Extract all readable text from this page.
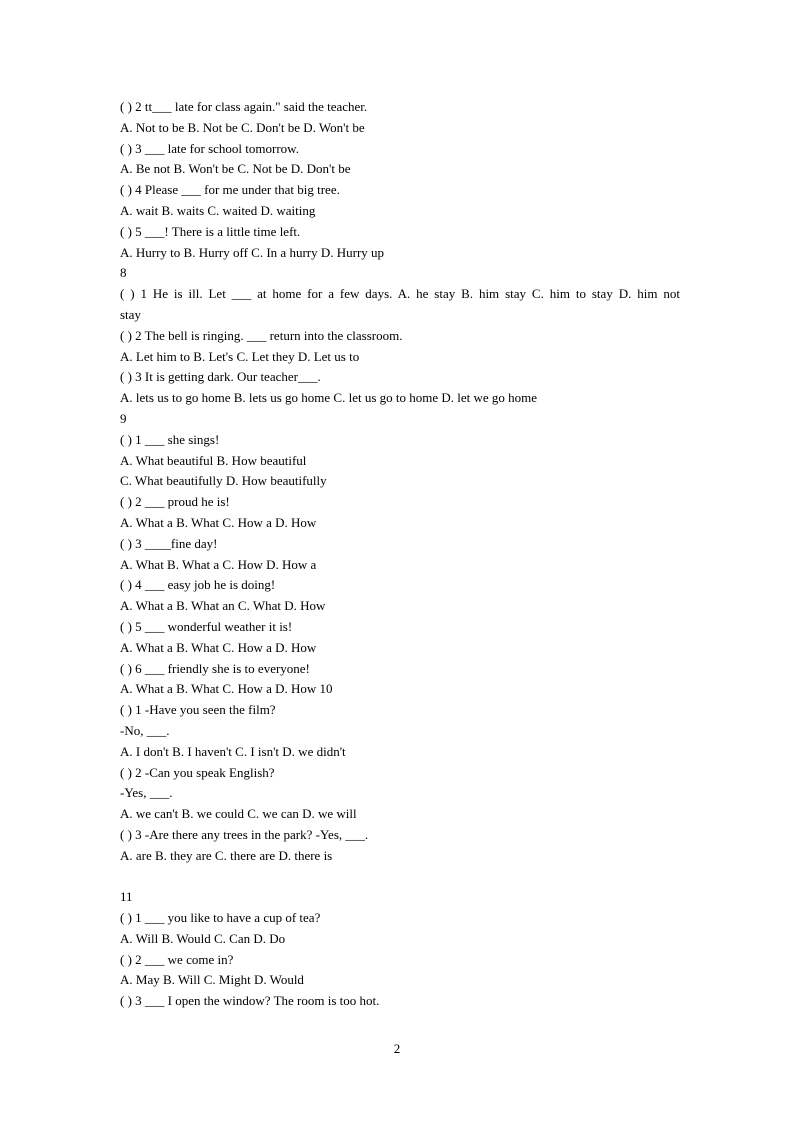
( ) 2 tt___ late for class again." said the teacher.
A. Not to be B. Not be C. Don't be D. Won't be
( ) 3 ___ late for school tomorrow.
A. Be not B. Won't be C. Not be D. Don't be
( ) 4 Please ___ for me under that big tree.
A. wait B. waits C. waited D. waiting
( ) 5 ___! There is a little time left.
A. Hurry to B. Hurry off C. In a hurry D. Hurry up
8
( ) 1 He is ill. Let ___ at home for a few days. A. he stay B. him stay C. him to stay D. him not
stay
( ) 2 The bell is ringing. ___ return into the classroom.
A. Let him to B. Let's C. Let they D. Let us to
( ) 3 It is getting dark. Our teacher___.
A. lets us to go home B. lets us go home C. let us go to home D. let we go home
9
( ) 1 ___ she sings!
A. What beautiful B. How beautiful
C. What beautifully D. How beautifully
( ) 2 ___ proud he is!
A. What a B. What C. How a D. How
( ) 3 ____fine day!
A. What B. What a C. How D. How a
( ) 4 ___ easy job he is doing!
A. What a B. What an C. What D. How
( ) 5 ___ wonderful weather it is!
A. What a B. What C. How a D. How
( ) 6 ___ friendly she is to everyone!
A. What a B. What C. How a D. How 10
( ) 1 -Have you seen the film?
-No, ___.
A. I don't B. I haven't C. I isn't D. we didn't
( ) 2 -Can you speak English?
-Yes, ___.
A. we can't B. we could C. we can D. we will
( ) 3 -Are there any trees in the park? -Yes, ___.
A. are B. they are C. there are D. there is
11
( ) 1 ___ you like to have a cup of tea?
A. Will B. Would C. Can D. Do
( ) 2 ___ we come in?
A. May B. Will C. Might D. Would
( ) 3 ___ I open the window? The room is too hot.
2
